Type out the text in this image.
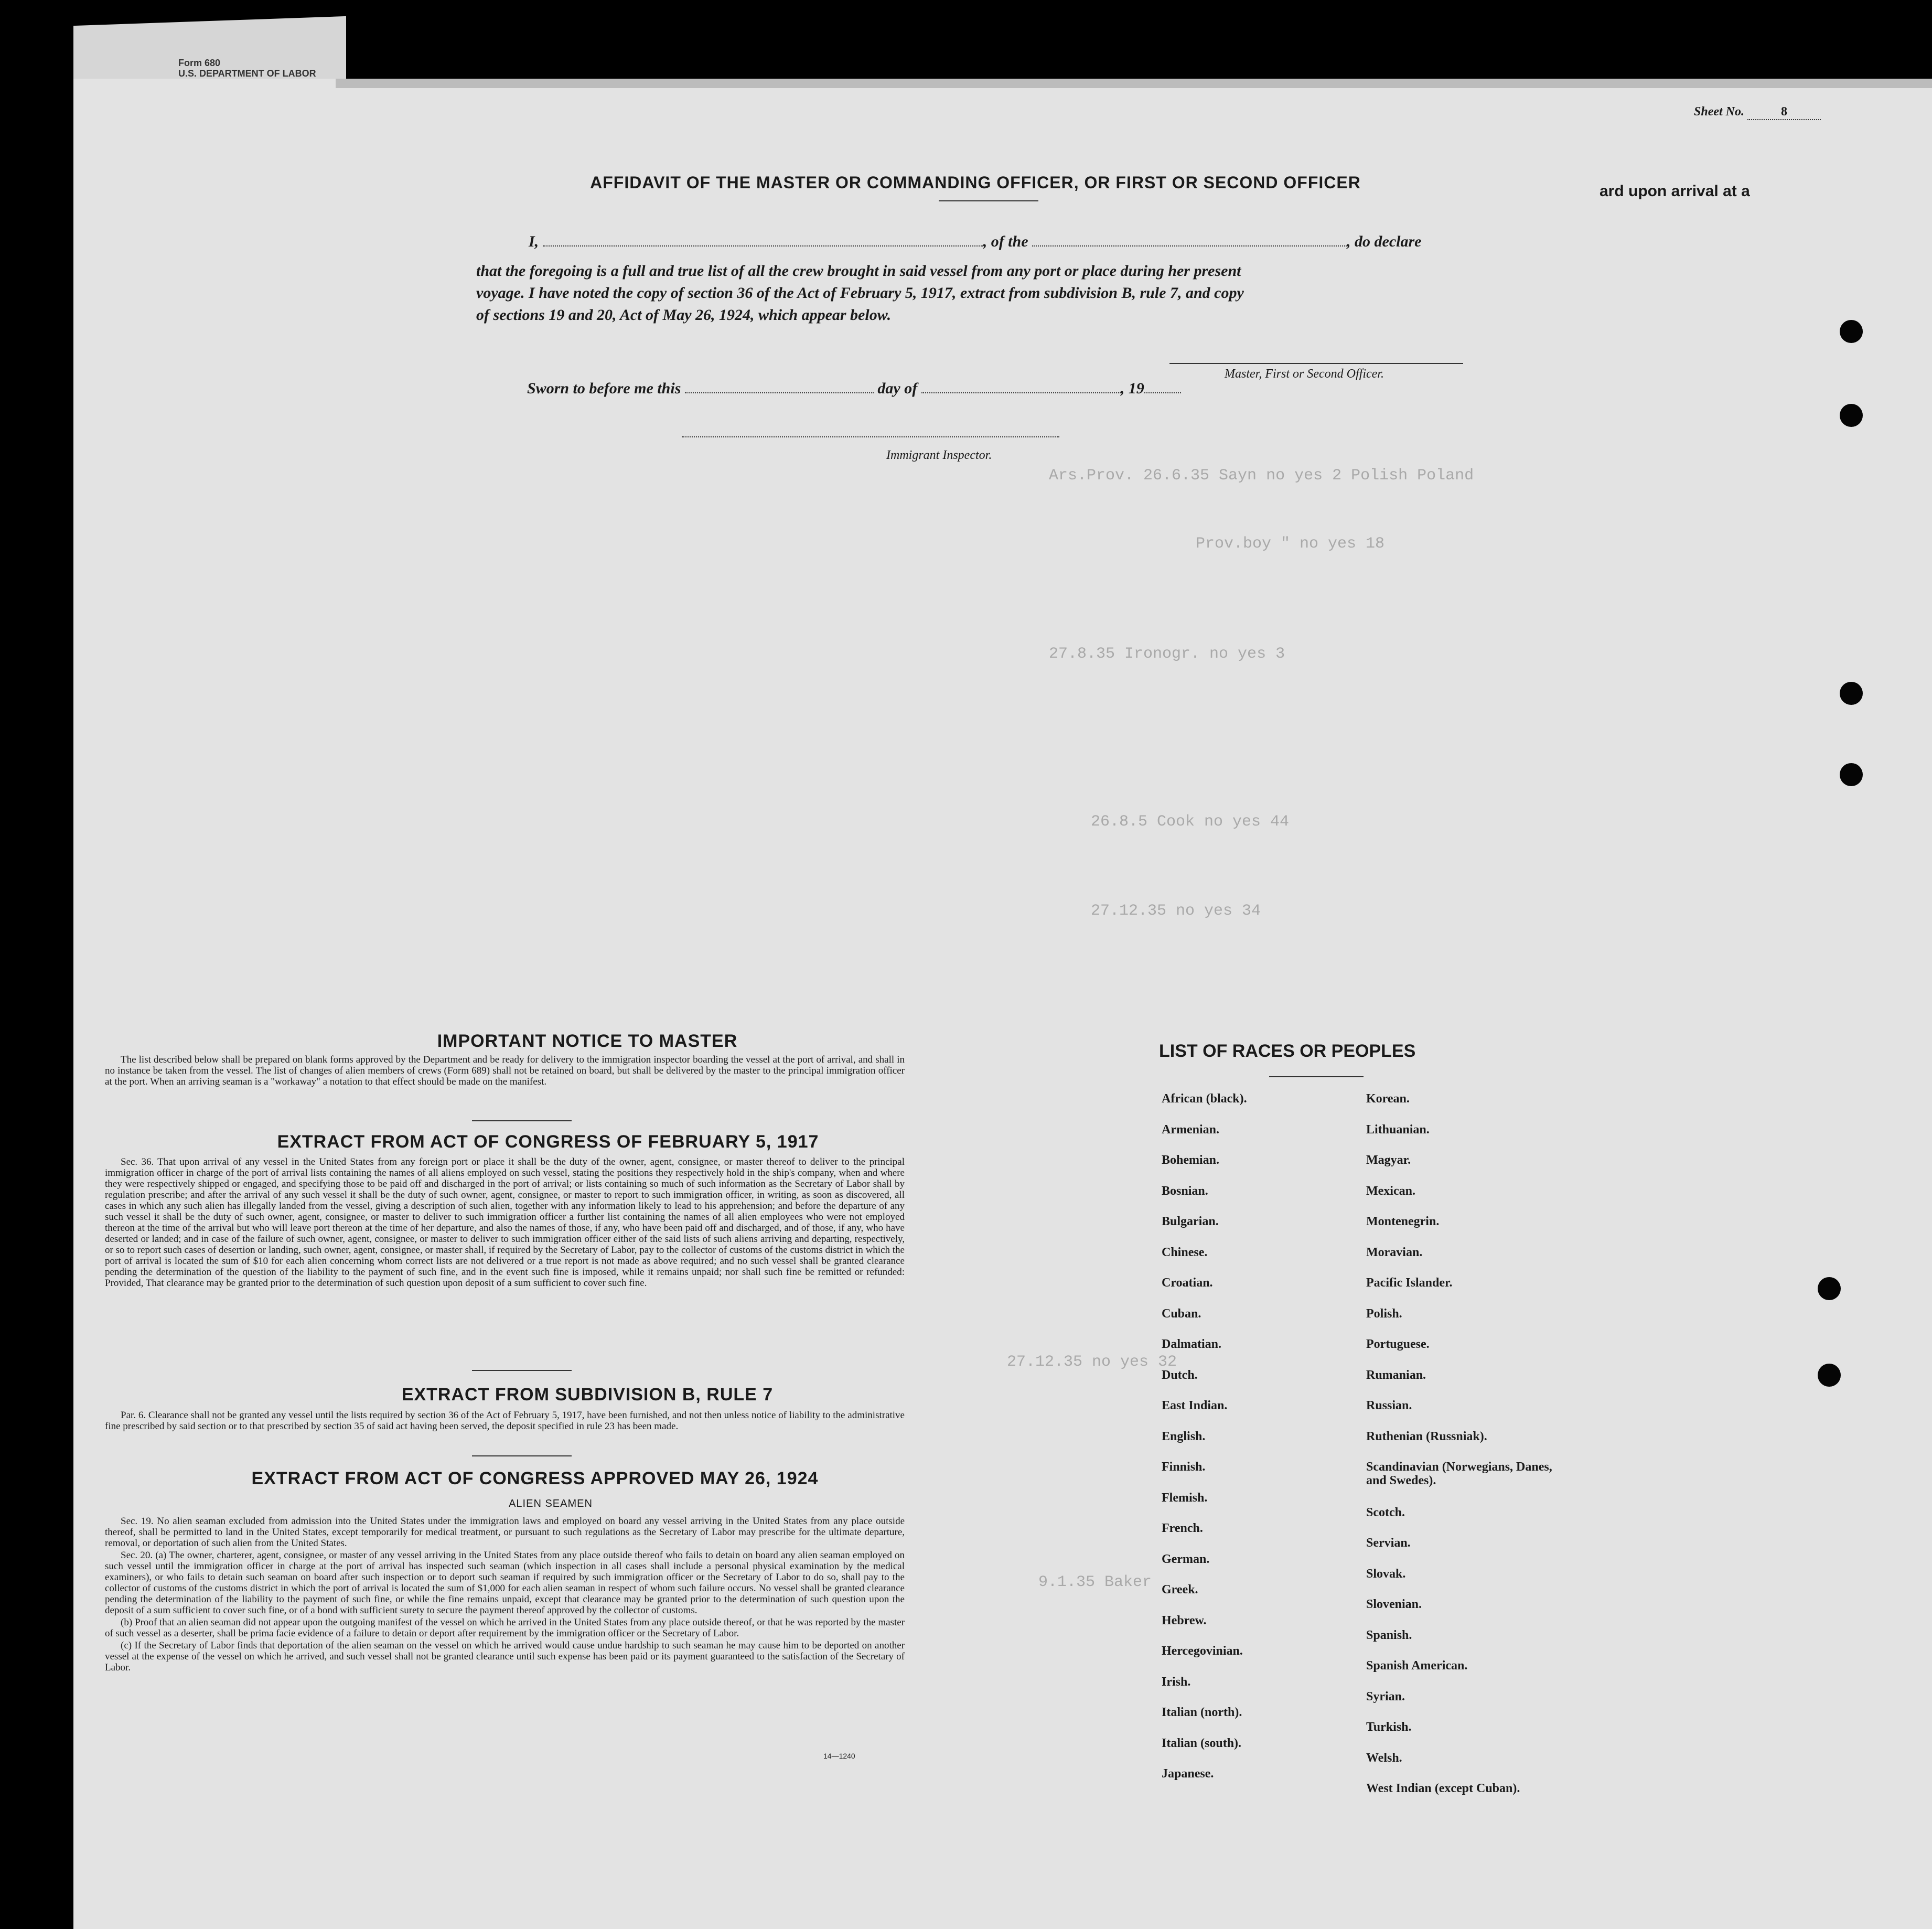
Form 680
U.S. DEPARTMENT OF LABOR
Sheet No.	8
ard upon arrival at a
Ars.Prov. 26.6.35 Sayn no yes 2 Polish Poland
Prov.boy " no yes 18
27.8.35 Ironogr. no yes 3
26.8.5 Cook no yes 44
27.12.35 no yes 34
27.12.35 no yes 32
9.1.35 Baker
AFFIDAVIT OF THE MASTER OR COMMANDING OFFICER, OR FIRST OR SECOND OFFICER
I,	, of the	, do declare
that the foregoing is a full and true list of all the crew brought in said vessel from any port or place during her present
voyage. I have noted the copy of section 36 of the Act of February 5, 1917, extract from subdivision B, rule 7, and copy
of sections 19 and 20, Act of May 26, 1924, which appear below.
Master, First or Second Officer.
Sworn to before me this	day of	, 19
Immigrant Inspector.
IMPORTANT NOTICE TO MASTER

The list described below shall be prepared on blank forms approved by the Department and be ready for delivery to the immigration inspector boarding the vessel at the port of arrival, and shall in no instance be taken from the vessel. The list of changes of alien members of crews (Form 689) shall not be retained on board, but shall be delivered by the master to the principal immigration officer at the port. When an arriving seaman is a "workaway" a notation to that effect should be made on the manifest.

EXTRACT FROM ACT OF CONGRESS OF FEBRUARY 5, 1917

Sec. 36. That upon arrival of any vessel in the United States from any foreign port or place it shall be the duty of the owner, agent, consignee, or master thereof to deliver to the principal immigration officer in charge of the port of arrival lists containing the names of all aliens employed on such vessel, stating the positions they respectively hold in the ship's company, when and where they were respectively shipped or engaged, and specifying those to be paid off and discharged in the port of arrival; or lists containing so much of such information as the Secretary of Labor shall by regulation prescribe; and after the arrival of any such vessel it shall be the duty of such owner, agent, consignee, or master to report to such immigration officer, in writing, as soon as discovered, all cases in which any such alien has illegally landed from the vessel, giving a description of such alien, together with any information likely to lead to his apprehension; and before the departure of any such vessel it shall be the duty of such owner, agent, consignee, or master to deliver to such immigration officer a further list containing the names of all alien employees who were not employed thereon at the time of the arrival but who will leave port thereon at the time of her departure, and also the names of those, if any, who have been paid off and discharged, and of those, if any, who have deserted or landed; and in case of the failure of such owner, agent, consignee, or master to deliver to such immigration officer either of the said lists of such aliens arriving and departing, respectively, or so to report such cases of desertion or landing, such owner, agent, consignee, or master shall, if required by the Secretary of Labor, pay to the collector of customs of the customs district in which the port of arrival is located the sum of $10 for each alien concerning whom correct lists are not delivered or a true report is not made as above required; and no such vessel shall be granted clearance pending the determination of the question of the liability to the payment of such fine, and in the event such fine is imposed, while it remains unpaid; nor shall such fine be remitted or refunded: Provided, That clearance may be granted prior to the determination of such question upon deposit of a sum sufficient to cover such fine.

EXTRACT FROM SUBDIVISION B, RULE 7

Par. 6. Clearance shall not be granted any vessel until the lists required by section 36 of the Act of February 5, 1917, have been furnished, and not then unless notice of liability to the administrative fine prescribed by said section or to that prescribed by section 35 of said act having been served, the deposit specified in rule 23 has been made.

EXTRACT FROM ACT OF CONGRESS APPROVED MAY 26, 1924
ALIEN SEAMEN

Sec. 19. No alien seaman excluded from admission into the United States under the immigration laws and employed on board any vessel arriving in the United States from any place outside thereof, shall be permitted to land in the United States, except temporarily for medical treatment, or pursuant to such regulations as the Secretary of Labor may prescribe for the ultimate departure, removal, or deportation of such alien from the United States.

Sec. 20. (a) The owner, charterer, agent, consignee, or master of any vessel arriving in the United States from any place outside thereof who fails to detain on board any alien seaman employed on such vessel until the immigration officer in charge at the port of arrival has inspected such seaman (which inspection in all cases shall include a personal physical examination by the medical examiners), or who fails to detain such seaman on board after such inspection or to deport such seaman if required by such immigration officer or the Secretary of Labor to do so, shall pay to the collector of customs of the customs district in which the port of arrival is located the sum of $1,000 for each alien seaman in respect of whom such failure occurs. No vessel shall be granted clearance pending the determination of the liability to the payment of such fine, or while the fine remains unpaid, except that clearance may be granted prior to the determination of such question upon the deposit of a sum sufficient to cover such fine, or of a bond with sufficient surety to secure the payment thereof approved by the collector of customs.

(b) Proof that an alien seaman did not appear upon the outgoing manifest of the vessel on which he arrived in the United States from any place outside thereof, or that he was reported by the master of such vessel as a deserter, shall be prima facie evidence of a failure to detain or deport after requirement by the immigration officer or the Secretary of Labor.

(c) If the Secretary of Labor finds that deportation of the alien seaman on the vessel on which he arrived would cause undue hardship to such seaman he may cause him to be deported on another vessel at the expense of the vessel on which he arrived, and such vessel shall not be granted clearance until such expense has been paid or its payment guaranteed to the satisfaction of the Secretary of Labor.

14—1240
LIST OF RACES OR PEOPLES
African (black).
Armenian.
Bohemian.
Bosnian.
Bulgarian.
Chinese.
Croatian.
Cuban.
Dalmatian.
Dutch.
East Indian.
English.
Finnish.
Flemish.
French.
German.
Greek.
Hebrew.
Hercegovinian.
Irish.
Italian (north).
Italian (south).
Japanese.
Korean.
Lithuanian.
Magyar.
Mexican.
Montenegrin.
Moravian.
Pacific Islander.
Polish.
Portuguese.
Rumanian.
Russian.
Ruthenian (Russniak).
Scandinavian (Norwegians, Danes, and Swedes).
Scotch.
Servian.
Slovak.
Slovenian.
Spanish.
Spanish American.
Syrian.
Turkish.
Welsh.
West Indian (except Cuban).
